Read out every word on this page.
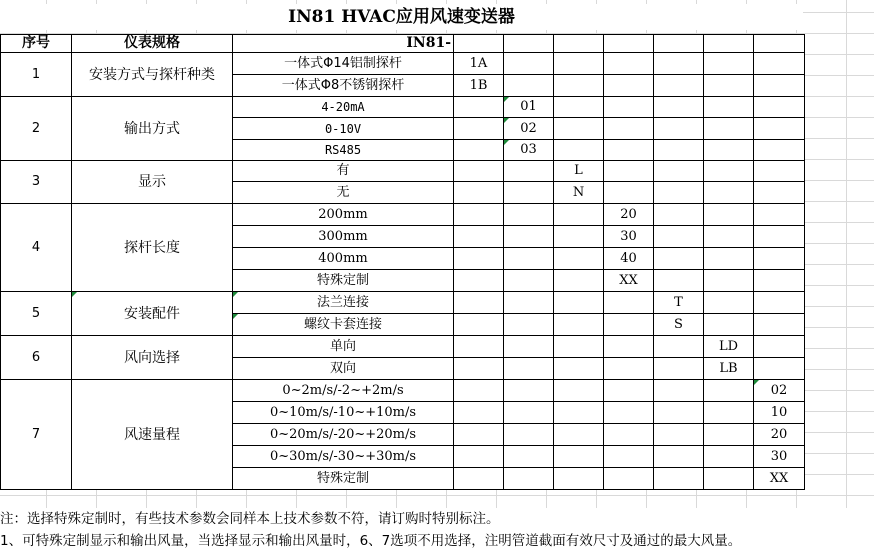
IN81 HVAC应用风速变送器
序号	仪表规格	IN81-							
1	安装方式与探杆种类	一体式Φ14铝制探杆	1A						
		一体式Φ8不锈钢探杆	1B						
2	输出方式	4-20mA		01					
		0-10V		02					
		RS485		03					
3	显示	有			L				
		无			N				
4	探杆长度	200mm				20			
		300mm				30			
		400mm				40			
		特殊定制				XX			
5	安装配件	法兰连接					T		
		螺纹卡套连接					S		
6	风向选择	单向						LD	
		双向						LB	
7	风速量程	0~2m/s/-2~+2m/s							02
		0~10m/s/-10~+10m/s							10
		0~20m/s/-20~+20m/s							20
		0~30m/s/-30~+30m/s							30
		特殊定制							XX
注：选择特殊定制时，有些技术参数会同样本上技术参数不符，请订购时特别标注。
1、可特殊定制显示和输出风量，当选择显示和输出风量时，6、7选项不用选择，注明管道截面有效尺寸及通过的最大风量。
